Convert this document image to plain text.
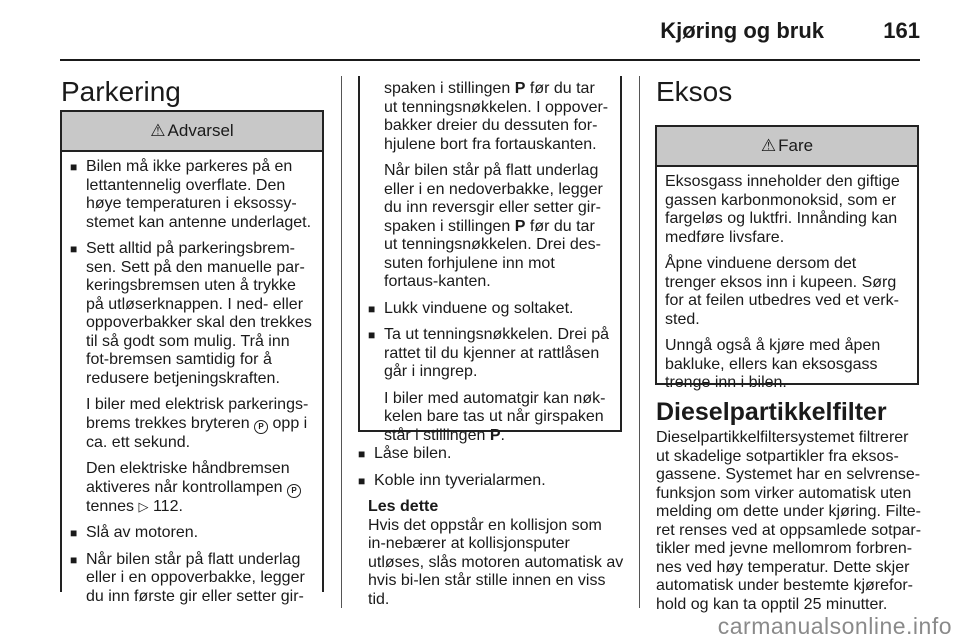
Kjøring og bruk	161
Parkering
⚠ Advarsel
■ Bilen må ikke parkeres på en lettantennelig overflate. Den høye temperaturen i eksossy-stemet kan antenne underlaget.
■ Sett alltid på parkeringsbrem-sen. Sett på den manuelle par-keringsbremsen uten å trykke på utløserknappen. I ned- eller oppoverbakker skal den trekkes til så godt som mulig. Trå inn fot-bremsen samtidig for å redusere betjeningskraften.
I biler med elektrisk parkerings-brems trekkes bryteren P opp i ca. ett sekund.
Den elektriske håndbremsen aktiveres når kontrollampen P tennes ▷ 112.
■ Slå av motoren.
■ Når bilen står på flatt underlag eller i en oppoverbakke, legger du inn første gir eller setter gir-
spaken i stillingen P før du tar ut tenningsnøkkelen. I oppover-bakker dreier du dessuten for-hjulene bort fra fortauskanten.
Når bilen står på flatt underlag eller i en nedoverbakke, legger du inn reversgir eller setter gir-spaken i stillingen P før du tar ut tenningsnøkkelen. Drei des-suten forhjulene inn mot fortaus-kanten.
■ Lukk vinduene og soltaket.
■ Ta ut tenningsnøkkelen. Drei på rattet til du kjenner at rattlåsen går i inngrep.
I biler med automatgir kan nøk-kelen bare tas ut når girspaken står i stillingen P.
■ Låse bilen.
■ Koble inn tyverialarmen.
Les dette
Hvis det oppstår en kollisjon som in-nebærer at kollisjonsputer utløses, slås motoren automatisk av hvis bi-len står stille innen en viss tid.
Eksos
⚠ Fare
Eksosgass inneholder den giftige gassen karbonmonoksid, som er fargeløs og luktfri. Innånding kan medføre livsfare.
Åpne vinduene dersom det trenger eksos inn i kupeen. Sørg for at feilen utbedres ved et verk-sted.
Unngå også å kjøre med åpen bakluke, ellers kan eksosgass trenge inn i bilen.
Dieselpartikkelfilter
Dieselpartikkelfiltersystemet filtrerer ut skadelige sotpartikler fra eksos-gassene. Systemet har en selvrense-funksjon som virker automatisk uten melding om dette under kjøring. Filte-ret renses ved at oppsamlede sotpar-tikler med jevne mellomrom forbren-nes ved høy temperatur. Dette skjer automatisk under bestemte kjørefor-hold og kan ta opptil 25 minutter.
carmanualsonline.info
